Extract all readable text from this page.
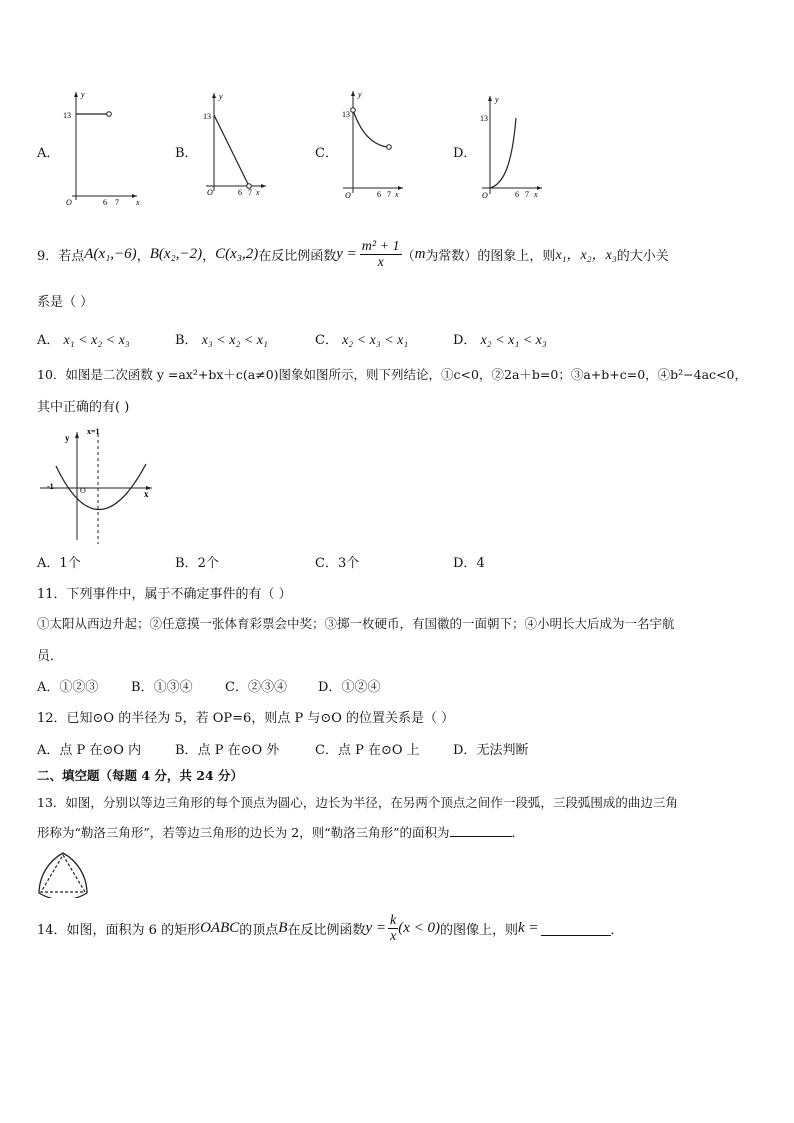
A．	B．	C．	D．
y
x
O
13
6 7
y
x
O
13
6 7
y
x
O
13
6 7
y
x
O
13
6 7
9．若点 A(x₁,−6) ， B(x₂,−2) ， C(x₃,2) 在反比例函数 $y = \frac{\text{m² + 1}}{x}$ （ m 为常数）的图象上，则 x₁，x₂，x₃ 的大小关
系是（ ）
A． x₁ < x₂ < x₃	B． x₃ < x₂ < x₁	C． x₂ < x₃ < x₁	D． x₂ < x₁ < x₃
10．如图是二次函数 y =ax²+bx＋c(a≠0)图象如图所示，则下列结论，①c<0，②2a＋b=0；③a+b+c=0，④b²−4ac<0，
其中正确的有( )
y
x
O
-1
x=1
A．1个	B．2个	C．3个	D．4
11．下列事件中，属于不确定事件的有（ ）
①太阳从西边升起；②任意摸一张体育彩票会中奖；③掷一枚硬币，有国徽的一面朝下；④小明长大后成为一名宇航
员．
A．①②③	B．①③④ C．②③④ D．①②④
12．已知⊙O 的半径为 5，若 OP=6，则点 P 与⊙O 的位置关系是（ ）
A．点 P 在⊙O 内	B．点 P 在⊙O 外	C．点 P 在⊙O 上	D．无法判断
二、填空题（每题 4 分，共 24 分）
13．如图，分别以等边三角形的每个顶点为圆心，边长为半径，在另两个顶点之间作一段弧，三段弧围成的曲边三角
形称为“勒洛三角形”，若等边三角形的边长为 2，则“勒洛三角形”的面积为	．
14．如图，面积为 6 的矩形 OABC 的顶点 B 在反比例函数 $y = \frac{k}{x} (x < 0)$ 的图像上，则 k =	．
